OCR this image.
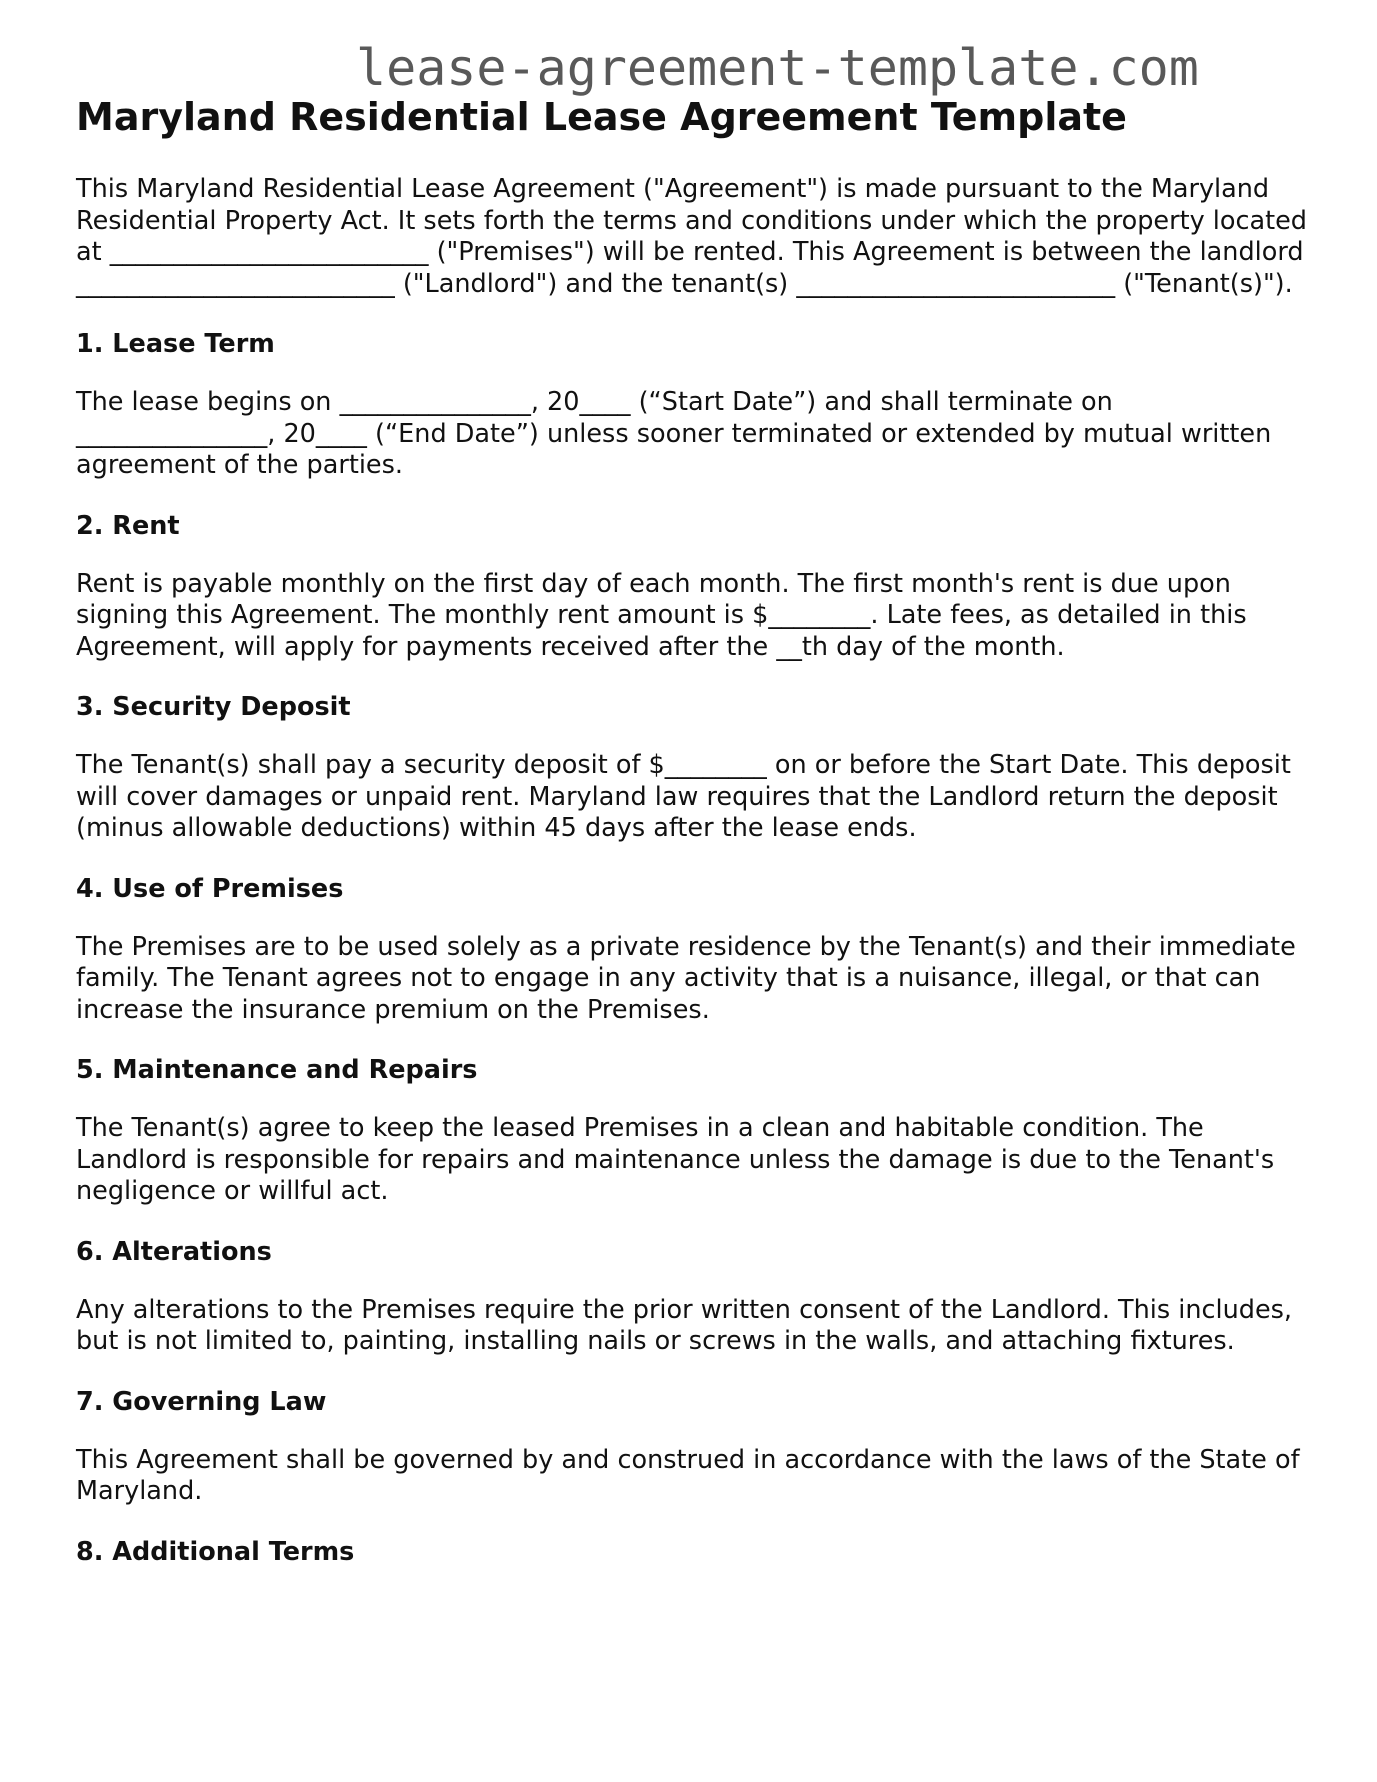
lease-agreement-template.com
Maryland Residential Lease Agreement Template

This Maryland Residential Lease Agreement ("Agreement") is made pursuant to the Maryland Residential Property Act. It sets forth the terms and conditions under which the property located at _________________________ ("Premises") will be rented. This Agreement is between the landlord _________________________ ("Landlord") and the tenant(s) _________________________ ("Tenant(s)").

1. Lease Term

The lease begins on _______________, 20____ (“Start Date”) and shall terminate on _______________, 20____ (“End Date”) unless sooner terminated or extended by mutual written agreement of the parties.

2. Rent

Rent is payable monthly on the first day of each month. The first month's rent is due upon signing this Agreement. The monthly rent amount is $________. Late fees, as detailed in this Agreement, will apply for payments received after the __th day of the month.

3. Security Deposit

The Tenant(s) shall pay a security deposit of $________ on or before the Start Date. This deposit will cover damages or unpaid rent. Maryland law requires that the Landlord return the deposit (minus allowable deductions) within 45 days after the lease ends.

4. Use of Premises

The Premises are to be used solely as a private residence by the Tenant(s) and their immediate family. The Tenant agrees not to engage in any activity that is a nuisance, illegal, or that can increase the insurance premium on the Premises.

5. Maintenance and Repairs

The Tenant(s) agree to keep the leased Premises in a clean and habitable condition. The Landlord is responsible for repairs and maintenance unless the damage is due to the Tenant's negligence or willful act.

6. Alterations

Any alterations to the Premises require the prior written consent of the Landlord. This includes, but is not limited to, painting, installing nails or screws in the walls, and attaching fixtures.

7. Governing Law

This Agreement shall be governed by and construed in accordance with the laws of the State of Maryland.

8. Additional Terms
